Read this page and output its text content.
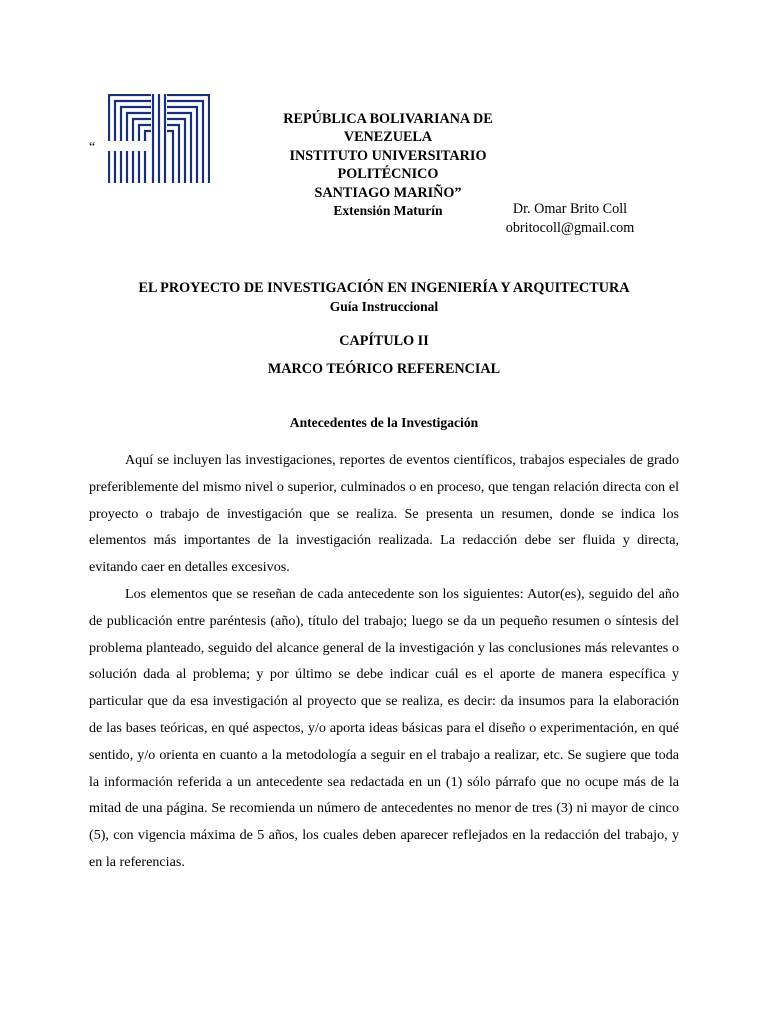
“
REPÚBLICA BOLIVARIANA DE VENEZUELA
INSTITUTO UNIVERSITARIO POLITÉCNICO
SANTIAGO MARIÑO”
Extensión Maturín	Dr. Omar Brito Coll
obritocoll@gmail.com
EL PROYECTO DE INVESTIGACIÓN EN INGENIERÍA Y ARQUITECTURA
Guía Instruccional
CAPÍTULO II
MARCO TEÓRICO REFERENCIAL
Antecedentes de la Investigación

Aquí se incluyen las investigaciones, reportes de eventos científicos, trabajos especiales de grado preferiblemente del mismo nivel o superior, culminados o en proceso, que tengan relación directa con el proyecto o trabajo de investigación que se realiza. Se presenta un resumen, donde se indica los elementos más importantes de la investigación realizada. La redacción debe ser fluida y directa, evitando caer en detalles excesivos.

Los elementos que se reseñan de cada antecedente son los siguientes: Autor(es), seguido del año de publicación entre paréntesis (año), título del trabajo; luego se da un pequeño resumen o síntesis del problema planteado, seguido del alcance general de la investigación y las conclusiones más relevantes o solución dada al problema; y por último se debe indicar cuál es el aporte de manera específica y particular que da esa investigación al proyecto que se realiza, es decir: da insumos para la elaboración de las bases teóricas, en qué aspectos, y/o aporta ideas básicas para el diseño o experimentación, en qué sentido, y/o orienta en cuanto a la metodología a seguir en el trabajo a realizar, etc. Se sugiere que toda la información referida a un antecedente sea redactada en un (1) sólo párrafo que no ocupe más de la mitad de una página. Se recomienda un número de antecedentes no menor de tres (3) ni mayor de cinco (5), con vigencia máxima de 5 años, los cuales deben aparecer reflejados en la redacción del trabajo, y en la referencias.
